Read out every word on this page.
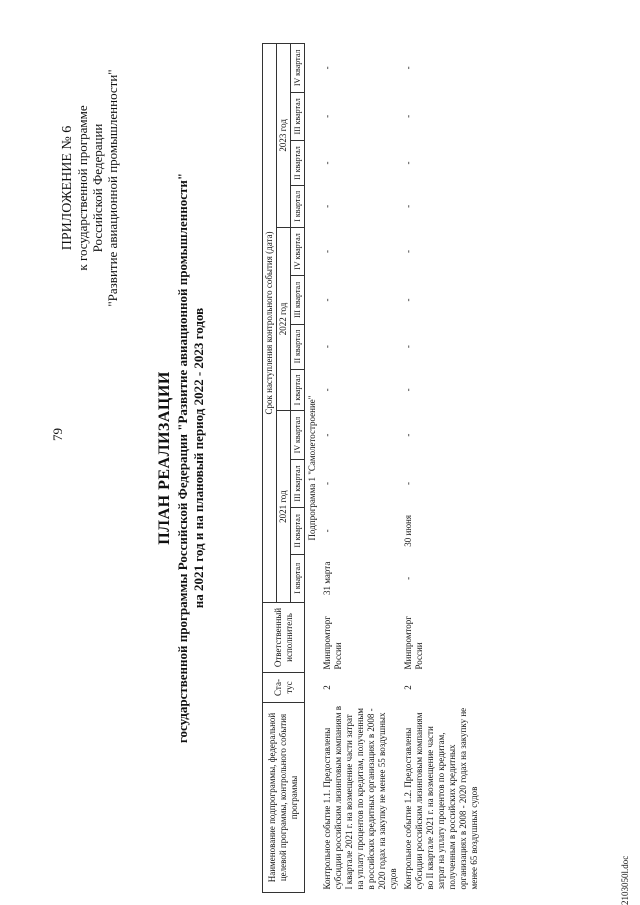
79
2103050l.doc
ПРИЛОЖЕНИЕ № 6 к государственной программе Российской Федерации "Развитие авиационной промышленности"
ПЛАН РЕАЛИЗАЦИИ государственной программы Российской Федерации "Развитие авиационной промышленности" на 2021 год и на плановый период 2022 - 2023 годов
Наименование подпрограммы, федеральной целевой программы, контрольного события программы	Ста-тус	Ответственный исполнитель	Срок наступления контрольного события (дата)											
			2021 год				2022 год				2023 год			
			I квартал	II квартал	III квартал	IV квартал	I квартал	II квартал	III квартал	IV квартал	I квартал	II квартал	III квартал	IV квартал
Подпрограмма 1 "Самолетостроение"														
Контрольное событие 1.1. Предоставлены субсидии российским лизинговым компаниям в I квартале 2021 г. на возмещение части затрат на уплату процентов по кредитам, полученным в российских кредитных организациях в 2008 - 2020 годах на закупку не менее 55 воздушных судов	2	Минпромторг России	31 марта	-	-	-	-	-	-	-	-	-	-	-
Контрольное событие 1.2. Предоставлены субсидии российским лизинговым компаниям во II квартале 2021 г. на возмещение части затрат на уплату процентов по кредитам, полученным в российских кредитных организациях в 2008 - 2020 годах на закупку не менее 65 воздушных судов	2	Минпромторг России	-	30 июня	-	-	-	-	-	-	-	-	-	-
